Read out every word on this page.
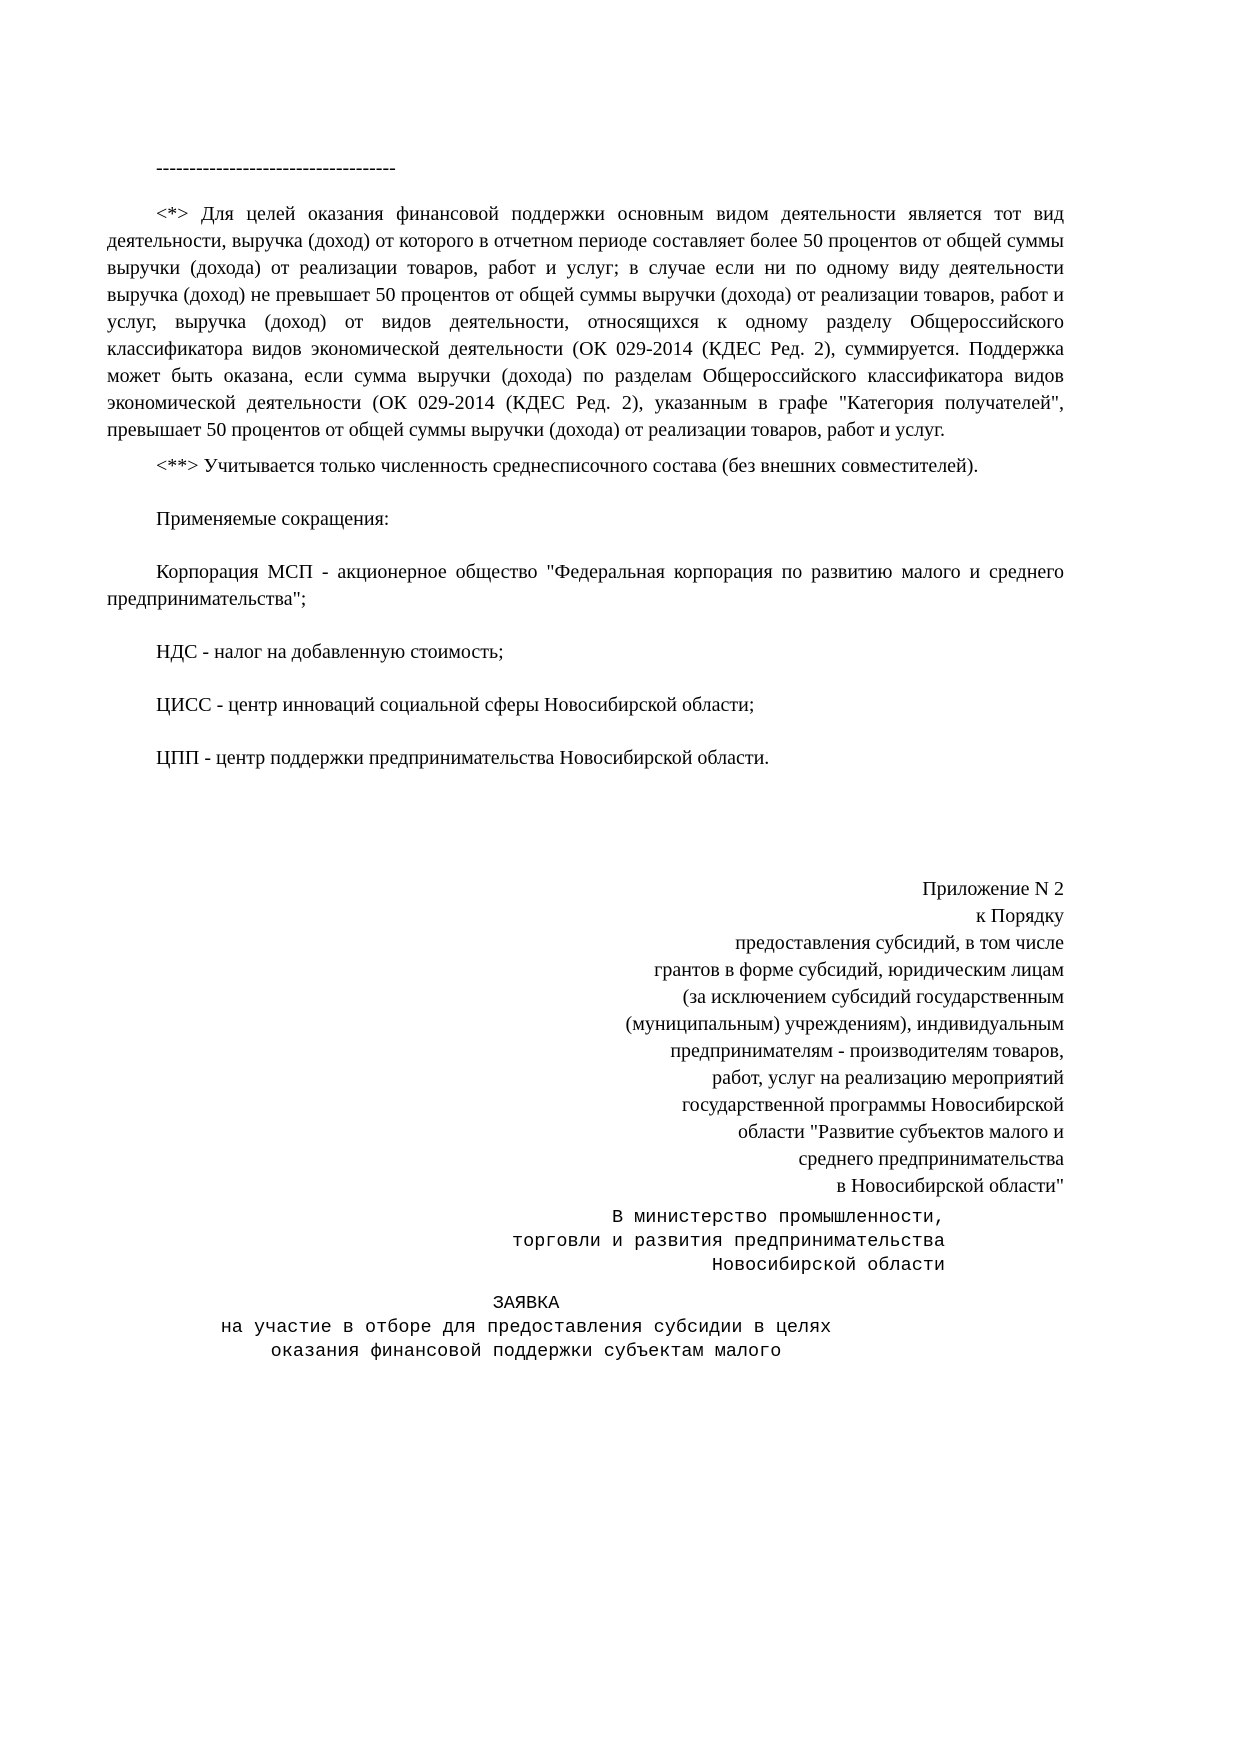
------------------------------------

<*> Для целей оказания финансовой поддержки основным видом деятельности является тот вид деятельности, выручка (доход) от которого в отчетном периоде составляет более 50 процентов от общей суммы выручки (дохода) от реализации товаров, работ и услуг; в случае если ни по одному виду деятельности выручка (доход) не превышает 50 процентов от общей суммы выручки (дохода) от реализации товаров, работ и услуг, выручка (доход) от видов деятельности, относящихся к одному разделу Общероссийского классификатора видов экономической деятельности (ОК 029-2014 (КДЕС Ред. 2), суммируется. Поддержка может быть оказана, если сумма выручки (дохода) по разделам Общероссийского классификатора видов экономической деятельности (ОК 029-2014 (КДЕС Ред. 2), указанным в графе "Категория получателей", превышает 50 процентов от общей суммы выручки (дохода) от реализации товаров, работ и услуг.

<**> Учитывается только численность среднесписочного состава (без внешних совместителей).

Применяемые сокращения:

Корпорация МСП - акционерное общество "Федеральная корпорация по развитию малого и среднего предпринимательства";

НДС - налог на добавленную стоимость;

ЦИСС - центр инноваций социальной сферы Новосибирской области;

ЦПП - центр поддержки предпринимательства Новосибирской области.

Приложение N 2
к Порядку
предоставления субсидий, в том числе
грантов в форме субсидий, юридическим лицам
(за исключением субсидий государственным
(муниципальным) учреждениям), индивидуальным
предпринимателям - производителям товаров,
работ, услуг на реализацию мероприятий
государственной программы Новосибирской
области "Развитие субъектов малого и
среднего предпринимательства
в Новосибирской области"
В министерство промышленности,
торговли и развития предпринимательства
Новосибирской области
ЗАЯВКА
на участие в отборе для предоставления субсидии в целях
оказания финансовой поддержки субъектам малого
